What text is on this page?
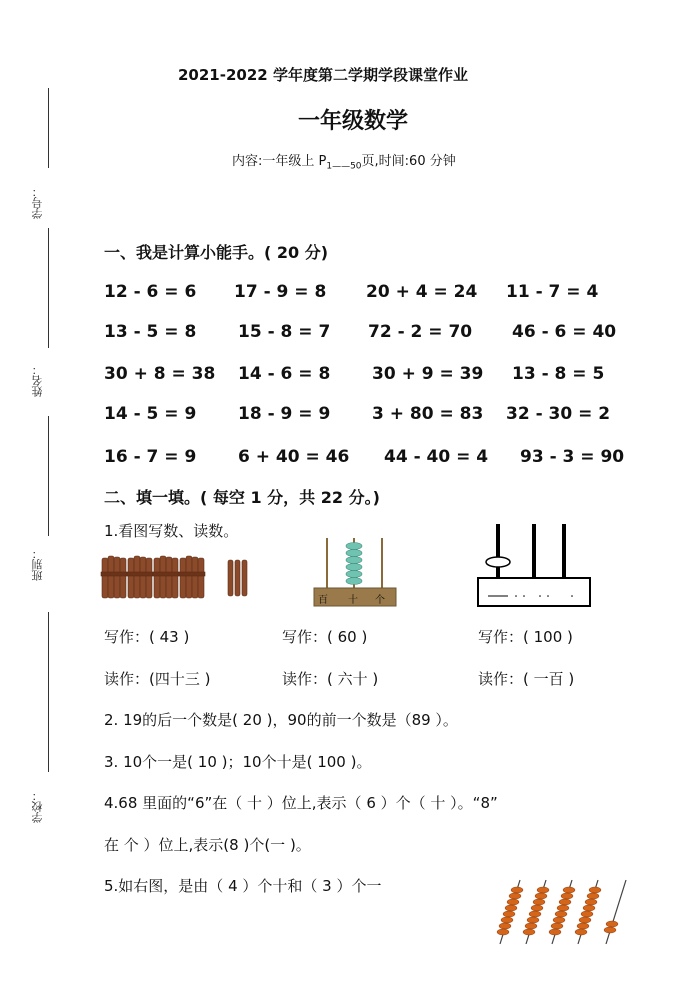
学号：
姓名：
班别：
学校：
2021-2022 学年度第二学期学段课堂作业
一年级数学
内容:一年级上 $P_{1——50}$页,时间:60 分钟
一、我是计算小能手。( 20 分)
12 - 6 = 6 17 - 9 = 8 20 + 4 = 24 11 - 7 = 4
13 - 5 = 8 15 - 8 = 7 72 - 2 = 70 46 - 6 = 40
30 + 8 = 38 14 - 6 = 8 30 + 9 = 39 13 - 8 = 5
14 - 5 = 9 18 - 9 = 9 3 + 80 = 83 32 - 30 = 2
16 - 7 = 9 6 + 40 = 46 44 - 40 = 4 93 - 3 = 90
二、填一填。( 每空 1 分，共 22 分。)
1.看图写数、读数。
百 十 个
写作：( 43 )	写作：( 60 )	写作：( 100 )
读作：(四十三 )	读作：( 六十 )	读作：( 一百 )
2. 19的后一个数是( 20 )，90的前一个数是（89 ）。
3. 10个一是( 10 )；10个十是( 100 )。
4.68 里面的“6”在（ 十 ）位上,表示（ 6 ）个（ 十 ）。“8”
在 个 ）位上,表示(8 )个(一 )。
5.如右图，是由（ 4 ）个十和（ 3 ）个一
